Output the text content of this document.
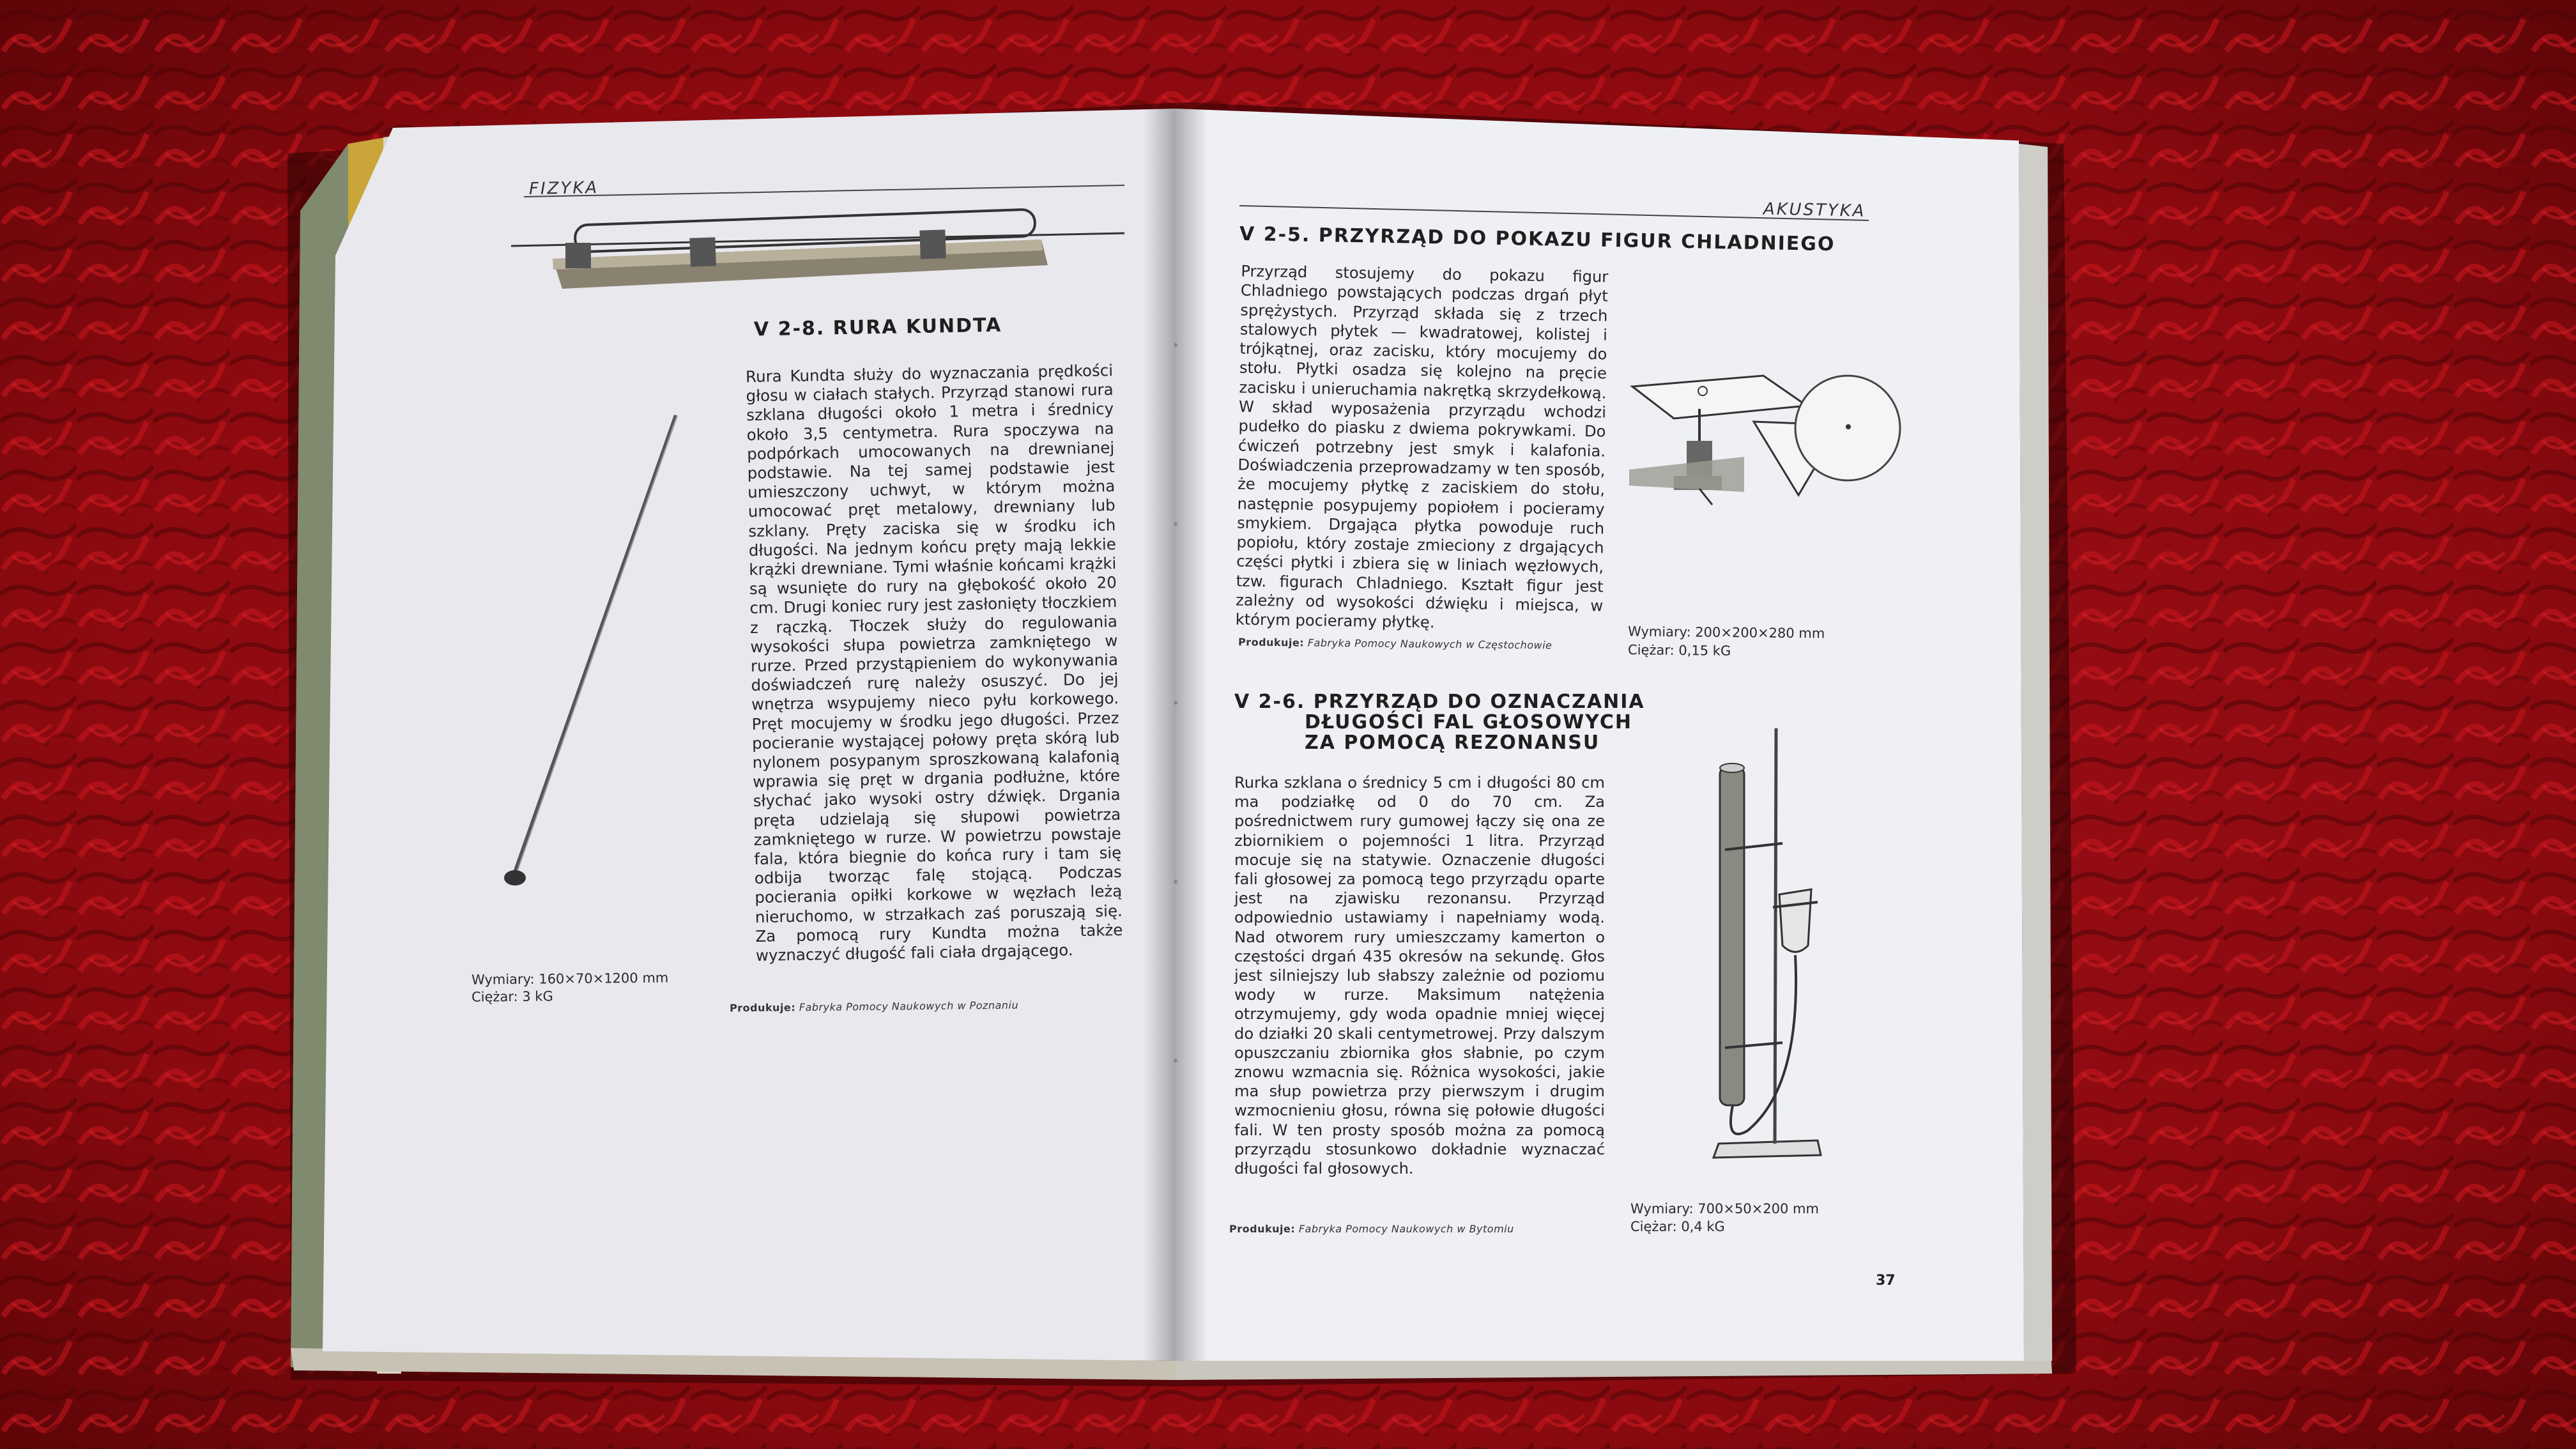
FIZYKA
V 2-8. RURA KUNDTA
Rura Kundta służy do wyznaczania prędkości głosu w ciałach stałych. Przyrząd stanowi rura szklana długości około 1 metra i średnicy około 3,5 centymetra. Rura spoczywa na podpórkach umocowanych na drewnianej podstawie. Na tej samej podstawie jest umieszczony uchwyt, w którym można umocować pręt metalowy, drewniany lub szklany. Pręty zaciska się w środku ich długości. Na jednym końcu pręty mają lekkie krążki drewniane. Tymi właśnie końcami krążki są wsunięte do rury na głębokość około 20 cm. Drugi koniec rury jest zasłonięty tłoczkiem z rączką. Tłoczek służy do regulowania wysokości słupa powietrza zamkniętego w rurze. Przed przystąpieniem do wykonywania doświadczeń rurę należy osuszyć. Do jej wnętrza wsypujemy nieco pyłu korkowego. Pręt mocujemy w środku jego długości. Przez pocieranie wystającej połowy pręta skórą lub nylonem posypanym sproszkowaną kalafonią wprawia się pręt w drgania podłużne, które słychać jako wysoki ostry dźwięk. Drgania pręta udzielają się słupowi powietrza zamkniętego w rurze. W powietrzu powstaje fala, która biegnie do końca rury i tam się odbija tworząc falę stojącą. Podczas pocierania opiłki korkowe w węzłach leżą nieruchomo, w strzałkach zaś poruszają się. Za pomocą rury Kundta można także wyznaczyć długość fali ciała drgającego.
Wymiary: 160×70×1200 mm
Ciężar: 3 kG
Produkuje: Fabryka Pomocy Naukowych w Poznaniu
AKUSTYKA
V 2-5. PRZYRZĄD DO POKAZU FIGUR CHLADNIEGO
Przyrząd stosujemy do pokazu figur Chladniego powstających podczas drgań płyt sprężystych. Przyrząd składa się z trzech stalowych płytek — kwadratowej, kolistej i trójkątnej, oraz zacisku, który mocujemy do stołu. Płytki osadza się kolejno na pręcie zacisku i unieruchamia nakrętką skrzydełkową. W skład wyposażenia przyrządu wchodzi pudełko do piasku z dwiema pokrywkami. Do ćwiczeń potrzebny jest smyk i kalafonia. Doświadczenia przeprowadzamy w ten sposób, że mocujemy płytkę z zaciskiem do stołu, następnie posypujemy popiołem i pocieramy smykiem. Drgająca płytka powoduje ruch popiołu, który zostaje zmieciony z drgających części płytki i zbiera się w liniach węzłowych, tzw. figurach Chladniego. Kształt figur jest zależny od wysokości dźwięku i miejsca, w którym pocieramy płytkę.
Wymiary: 200×200×280 mm
Ciężar: 0,15 kG
Produkuje: Fabryka Pomocy Naukowych w Częstochowie
V 2-6. PRZYRZĄD DO OZNACZANIA
DŁUGOŚCI FAL GŁOSOWYCH
ZA POMOCĄ REZONANSU
Rurka szklana o średnicy 5 cm i długości 80 cm ma podziałkę od 0 do 70 cm. Za pośrednictwem rury gumowej łączy się ona ze zbiornikiem o pojemności 1 litra. Przyrząd mocuje się na statywie. Oznaczenie długości fali głosowej za pomocą tego przyrządu oparte jest na zjawisku rezonansu. Przyrząd odpowiednio ustawiamy i napełniamy wodą. Nad otworem rury umieszczamy kamerton o częstości drgań 435 okresów na sekundę. Głos jest silniejszy lub słabszy zależnie od poziomu wody w rurze. Maksimum natężenia otrzymujemy, gdy woda opadnie mniej więcej do działki 20 skali centymetrowej. Przy dalszym opuszczaniu zbiornika głos słabnie, po czym znowu wzmacnia się. Różnica wysokości, jakie ma słup powietrza przy pierwszym i drugim wzmocnieniu głosu, równa się połowie długości fali. W ten prosty sposób można za pomocą przyrządu stosunkowo dokładnie wyznaczać długości fal głosowych.
Wymiary: 700×50×200 mm
Ciężar: 0,4 kG
Produkuje: Fabryka Pomocy Naukowych w Bytomiu
37
